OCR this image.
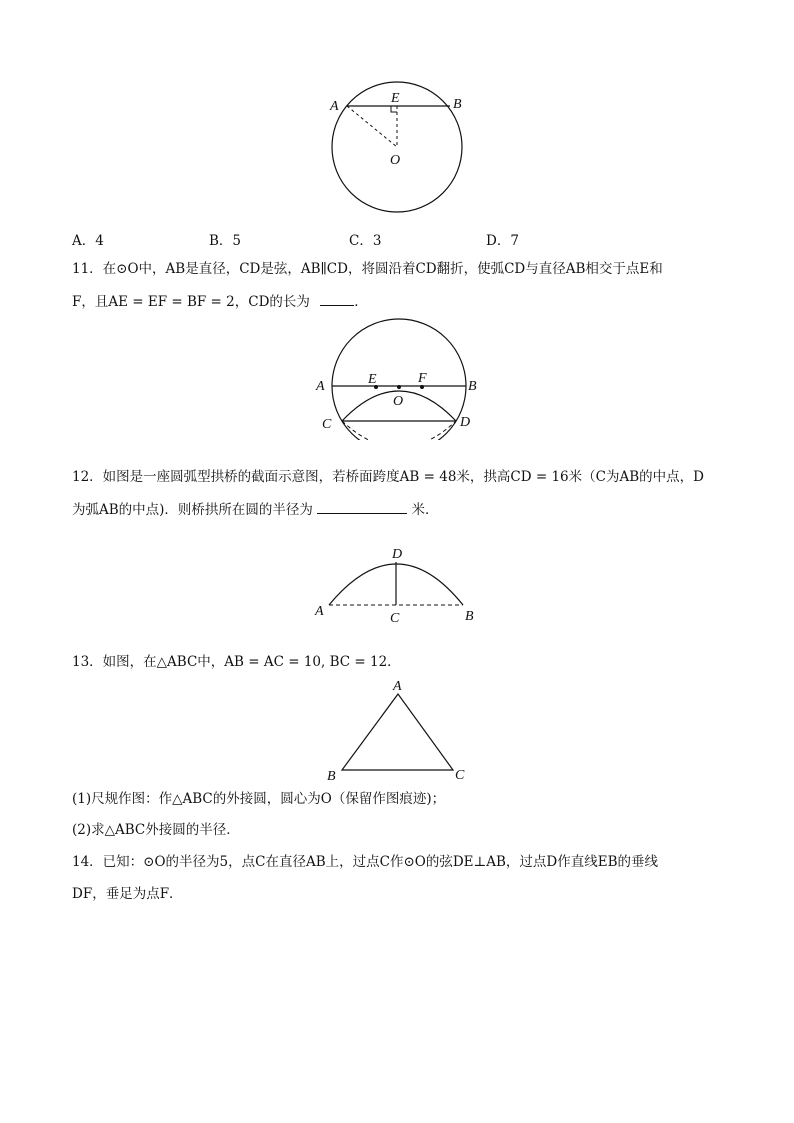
A
E	B
O
A．4	B．5	C．3	D．7
11．在⊙O中，AB是直径，CD是弦，AB∥CD，将圆沿着CD翻折，使弧CD与直径AB相交于点E和
F，且AE = EF = BF = 2，CD的长为	．
A	E	F
B
O
C	D
12．如图是一座圆弧型拱桥的截面示意图，若桥面跨度AB = 48米，拱高CD = 16米（C为AB的中点，D
为弧AB的中点)．则桥拱所在圆的半径为	米．
D
A	C	B
13．如图，在△ABC中，AB = AC = 10, BC = 12．
A
B	C
(1)尺规作图：作△ABC的外接圆，圆心为O（保留作图痕迹)；
(2)求△ABC外接圆的半径．
14．已知：⊙O的半径为5，点C在直径AB上，过点C作⊙O的弦DE⊥AB，过点D作直线EB的垂线
DF，垂足为点F．
